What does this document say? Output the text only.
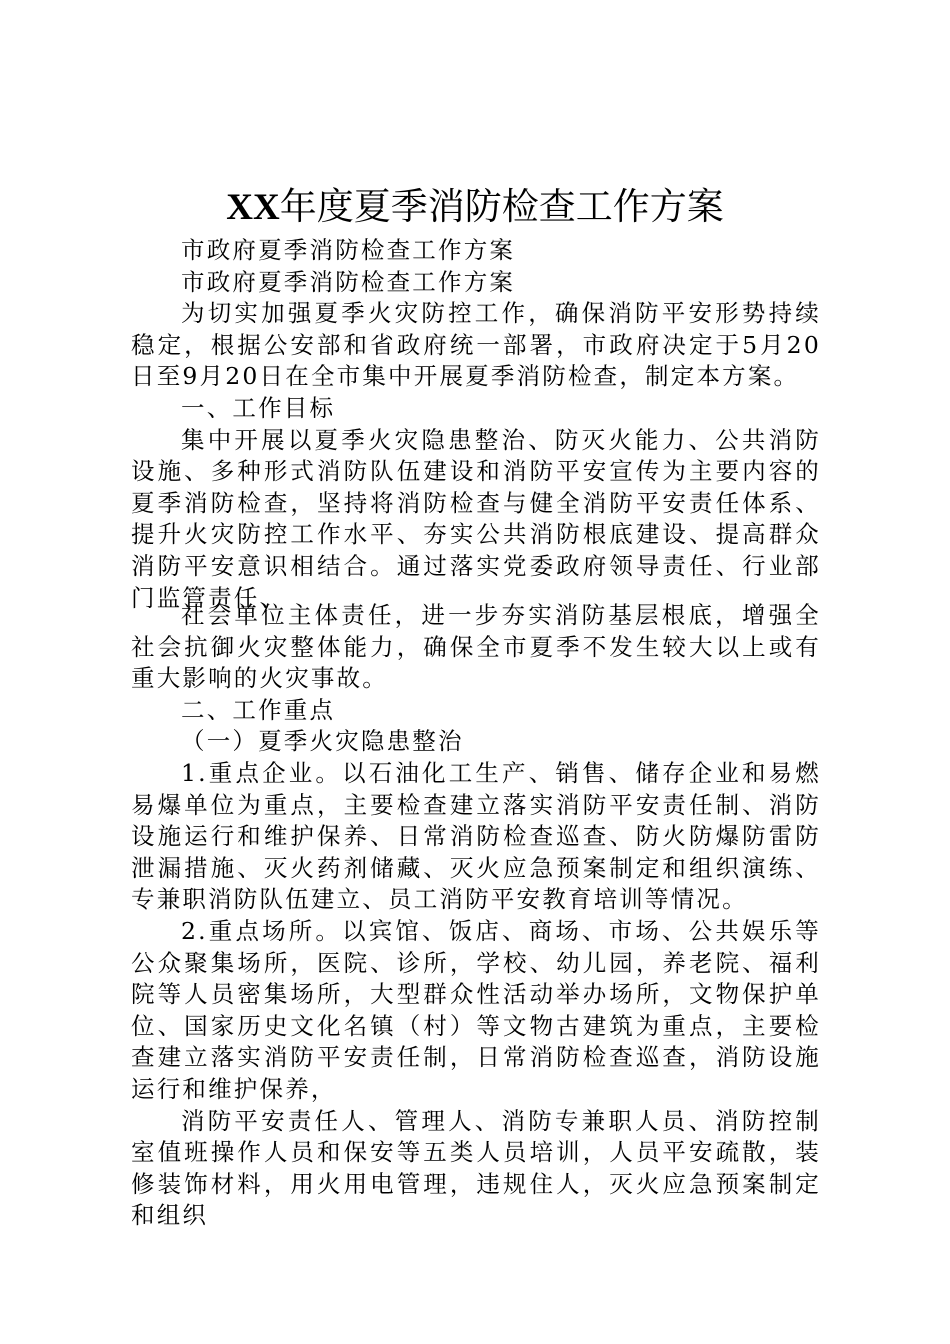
XX年度夏季消防检查工作方案

市政府夏季消防检查工作方案

市政府夏季消防检查工作方案

为切实加强夏季火灾防控工作，确保消防平安形势持续稳定，根据公安部和省政府统一部署，市政府决定于5月20日至9月20日在全市集中开展夏季消防检查，制定本方案。

一、工作目标

集中开展以夏季火灾隐患整治、防灭火能力、公共消防设施、多种形式消防队伍建设和消防平安宣传为主要内容的夏季消防检查，坚持将消防检查与健全消防平安责任体系、提升火灾防控工作水平、夯实公共消防根底建设、提高群众消防平安意识相结合。通过落实党委政府领导责任、行业部门监管责任、

社会单位主体责任，进一步夯实消防基层根底，增强全社会抗御火灾整体能力，确保全市夏季不发生较大以上或有重大影响的火灾事故。

二、工作重点

（一）夏季火灾隐患整治

1.重点企业。以石油化工生产、销售、储存企业和易燃易爆单位为重点，主要检查建立落实消防平安责任制、消防设施运行和维护保养、日常消防检查巡查、防火防爆防雷防泄漏措施、灭火药剂储藏、灭火应急预案制定和组织演练、专兼职消防队伍建立、员工消防平安教育培训等情况。

2.重点场所。以宾馆、饭店、商场、市场、公共娱乐等公众聚集场所，医院、诊所，学校、幼儿园，养老院、福利院等人员密集场所，大型群众性活动举办场所，文物保护单位、国家历史文化名镇（村）等文物古建筑为重点，主要检查建立落实消防平安责任制，日常消防检查巡查，消防设施运行和维护保养，

消防平安责任人、管理人、消防专兼职人员、消防控制室值班操作人员和保安等五类人员培训，人员平安疏散，装修装饰材料，用火用电管理，违规住人，灭火应急预案制定和组织
